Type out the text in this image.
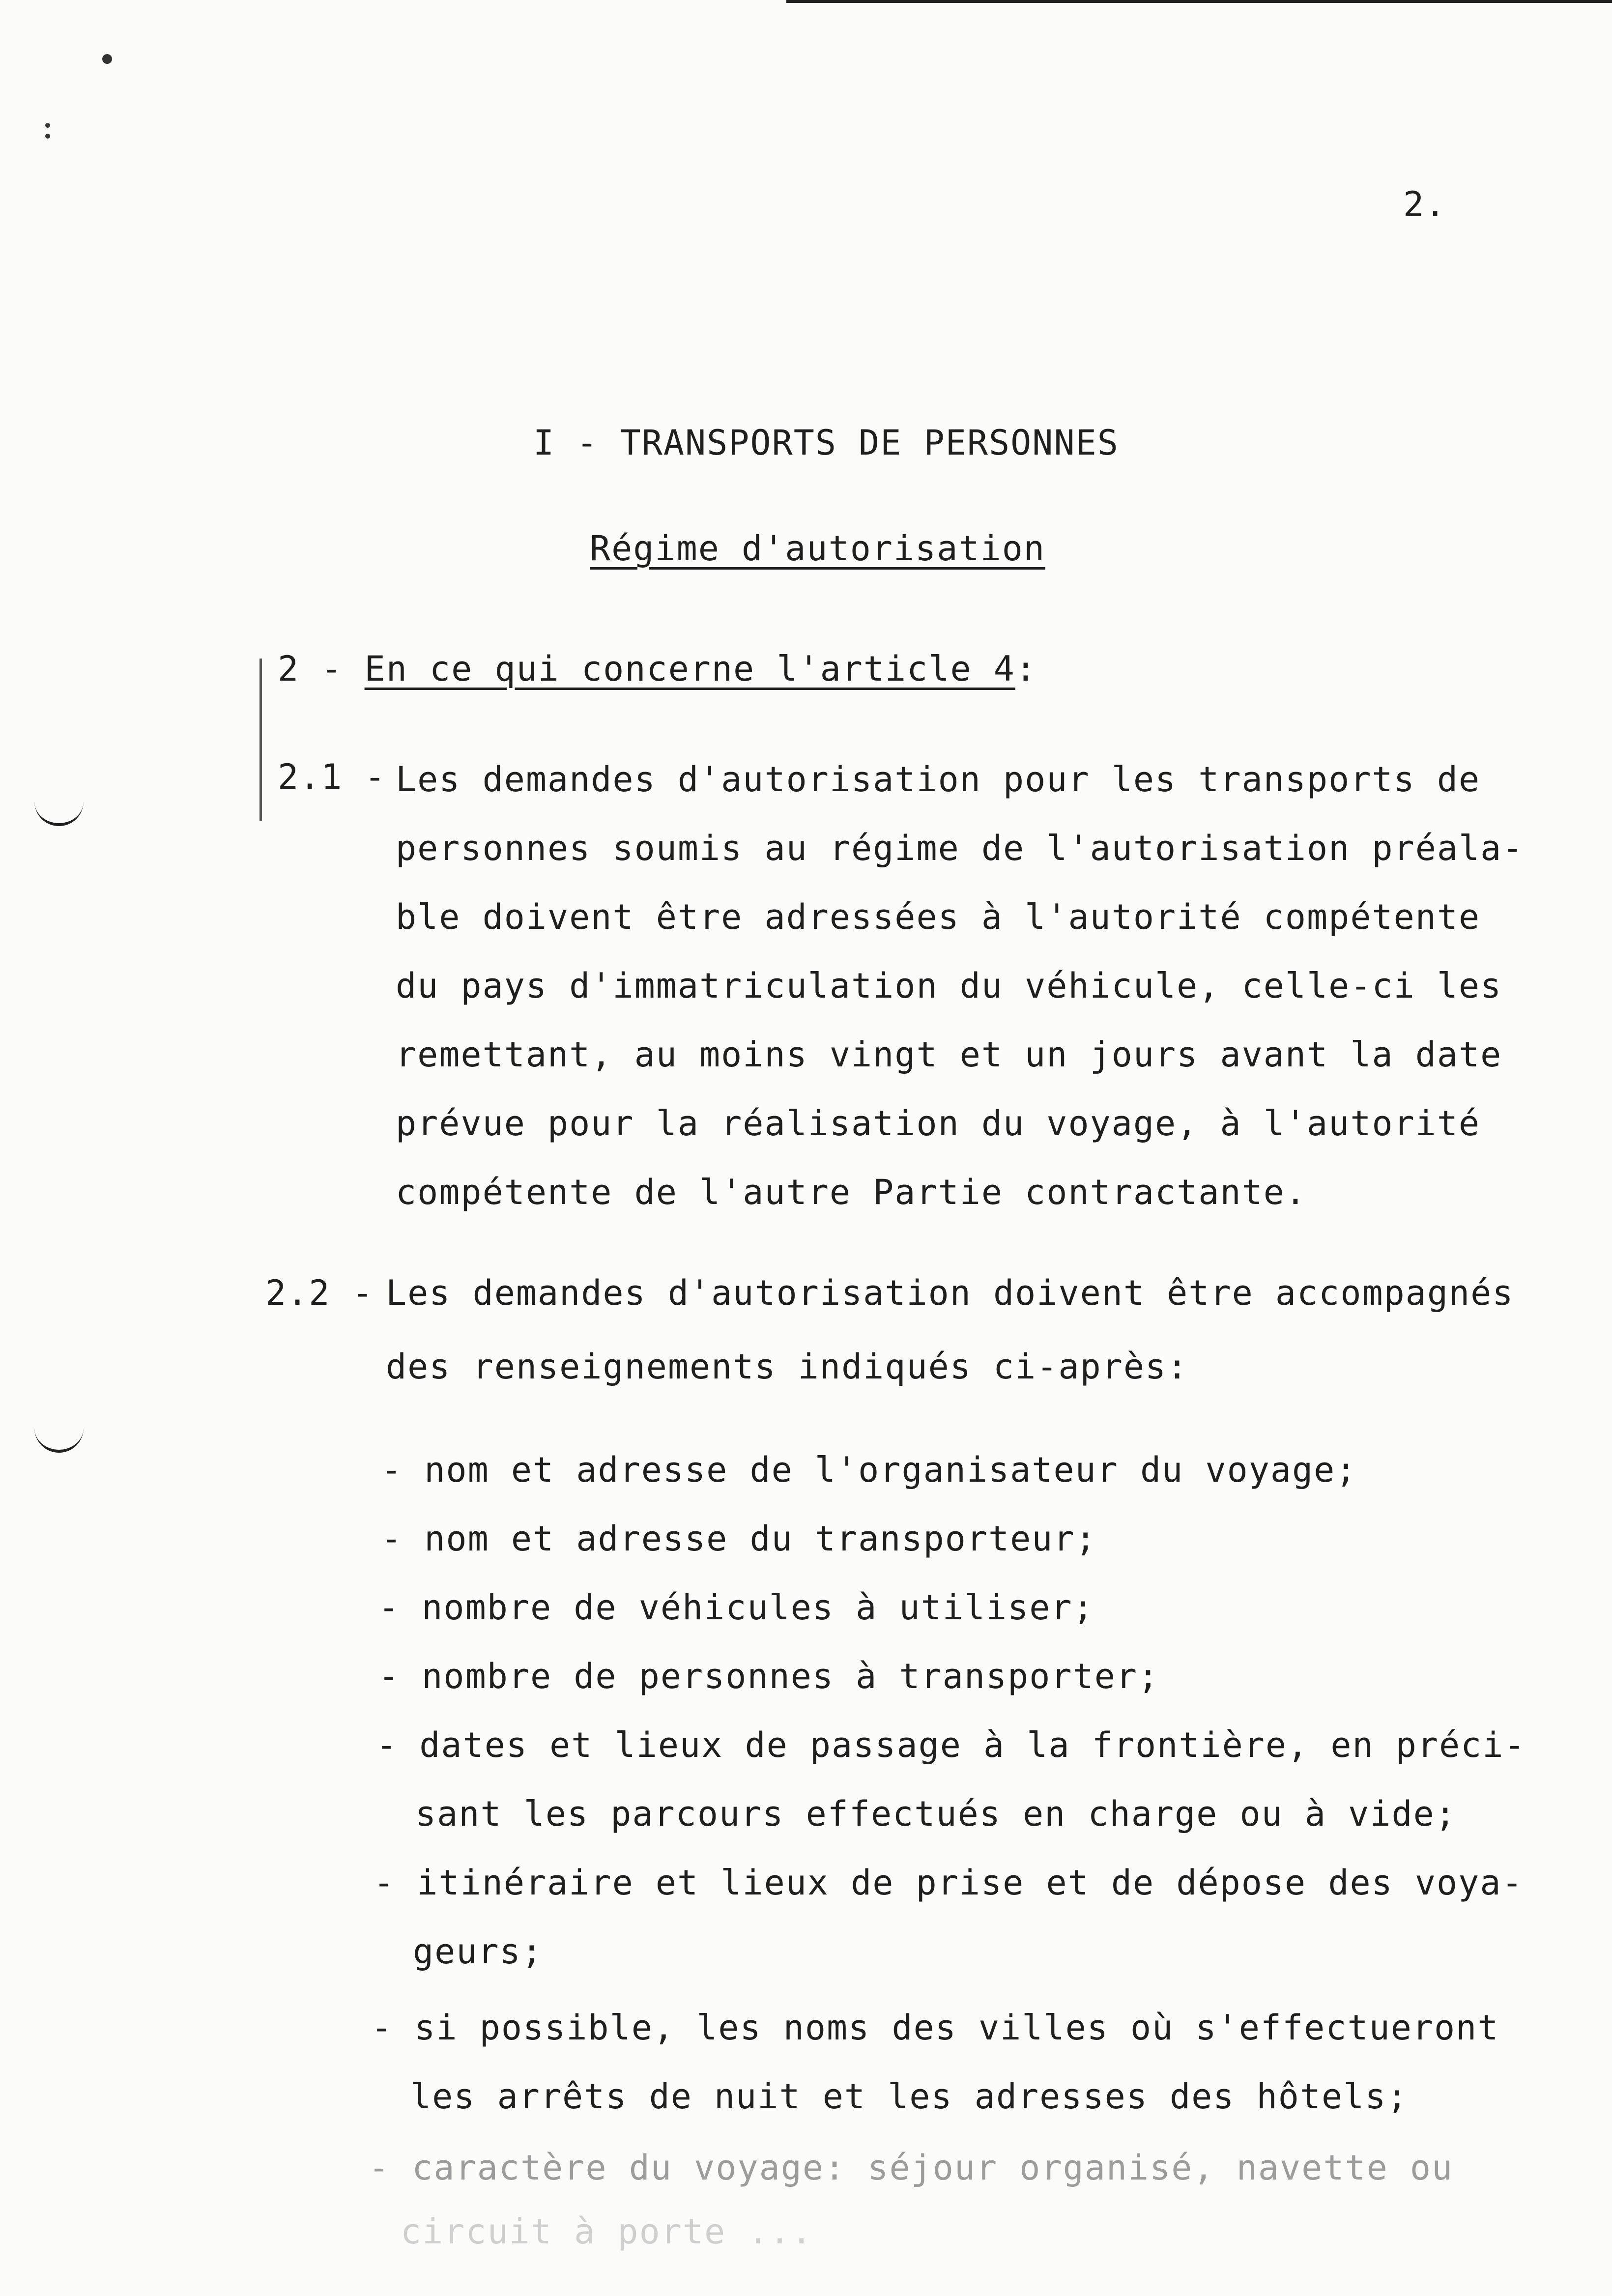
2.
I - TRANSPORTS DE PERSONNES
Régime d'autorisation
2 - En ce qui concerne l'article 4:
2.1 - Les demandes d'autorisation pour les transports de
personnes soumis au régime de l'autorisation préala-
ble doivent être adressées à l'autorité compétente
du pays d'immatriculation du véhicule, celle-ci les
remettant, au moins vingt et un jours avant la date
prévue pour la réalisation du voyage, à l'autorité
compétente de l'autre Partie contractante.
2.2 - Les demandes d'autorisation doivent être accompagnés
des renseignements indiqués ci-après:
- nom et adresse de l'organisateur du voyage;
- nom et adresse du transporteur;
- nombre de véhicules à utiliser;
- nombre de personnes à transporter;
- dates et lieux de passage à la frontière, en préci-
sant les parcours effectués en charge ou à vide;
- itinéraire et lieux de prise et de dépose des voya-
geurs;
- si possible, les noms des villes où s'effectueront
les arrêts de nuit et les adresses des hôtels;
- caractère du voyage: séjour organisé, navette ou
circuit à porte ...
